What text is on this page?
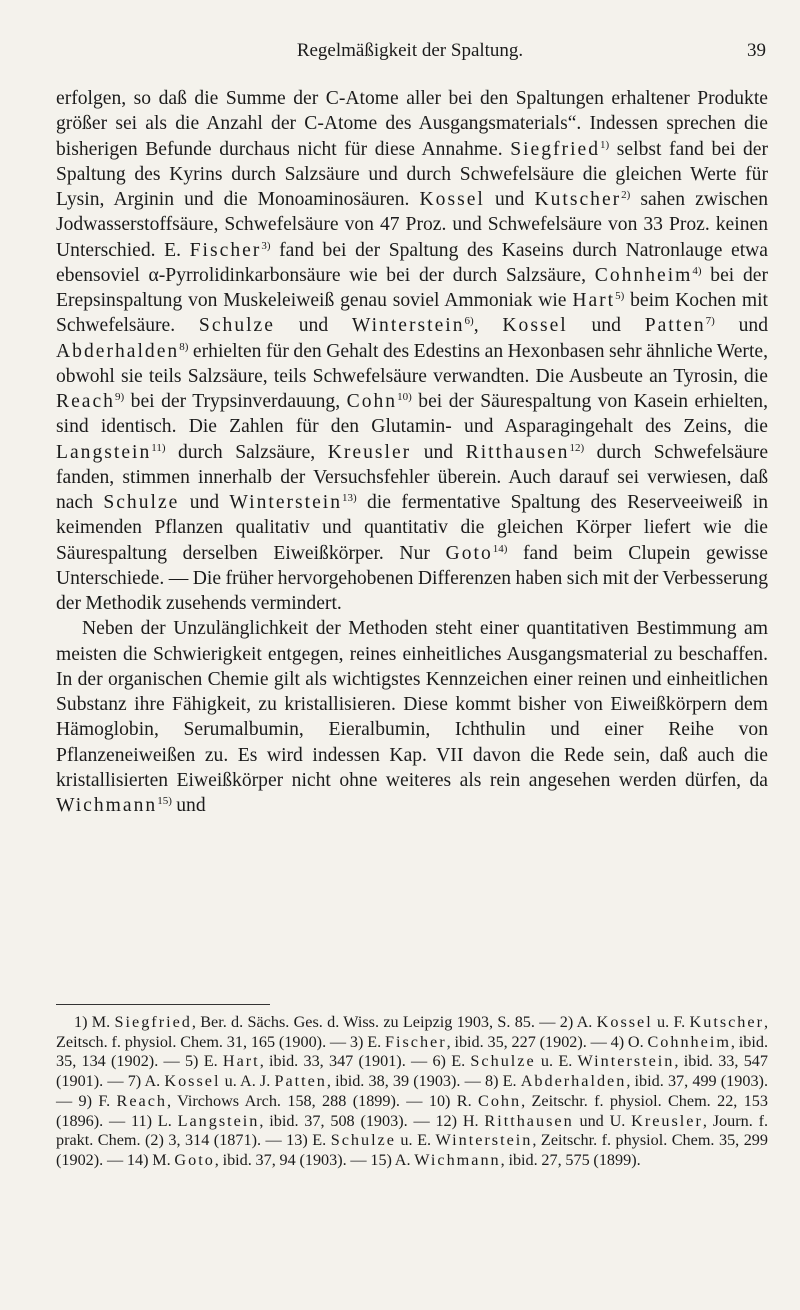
Regelmäßigkeit der Spaltung.	39

erfolgen, so daß die Summe der C-Atome aller bei den Spaltungen erhaltener Produkte größer sei als die Anzahl der C-Atome des Ausgangsmaterials“. Indessen sprechen die bisherigen Befunde durchaus nicht für diese Annahme. Siegfried$^{1)}$ selbst fand bei der Spaltung des Kyrins durch Salzsäure und durch Schwefelsäure die gleichen Werte für Lysin, Arginin und die Monoaminosäuren. Kossel und Kutscher$^{2)}$ sahen zwischen Jodwasserstoffsäure, Schwefelsäure von 47 Proz. und Schwefelsäure von 33 Proz. keinen Unterschied. E. Fischer$^{3)}$ fand bei der Spaltung des Kaseins durch Natronlauge etwa ebensoviel α-Pyrrolidinkarbonsäure wie bei der durch Salzsäure, Cohnheim$^{4)}$ bei der Erepsinspaltung von Muskeleiweiß genau soviel Ammoniak wie Hart$^{5)}$ beim Kochen mit Schwefelsäure. Schulze und Winterstein$^{6)}$, Kossel und Patten$^{7)}$ und Abderhalden$^{8)}$ erhielten für den Gehalt des Edestins an Hexonbasen sehr ähnliche Werte, obwohl sie teils Salzsäure, teils Schwefelsäure verwandten. Die Ausbeute an Tyrosin, die Reach$^{9)}$ bei der Trypsinverdauung, Cohn$^{10)}$ bei der Säurespaltung von Kasein erhielten, sind identisch. Die Zahlen für den Glutamin- und Asparagingehalt des Zeins, die Langstein$^{11)}$ durch Salzsäure, Kreusler und Ritthausen$^{12)}$ durch Schwefelsäure fanden, stimmen innerhalb der Versuchsfehler überein. Auch darauf sei verwiesen, daß nach Schulze und Winterstein$^{13)}$ die fermentative Spaltung des Reserveeiweiß in keimenden Pflanzen qualitativ und quantitativ die gleichen Körper liefert wie die Säurespaltung derselben Eiweißkörper. Nur Goto$^{14)}$ fand beim Clupein gewisse Unterschiede. — Die früher hervorgehobenen Differenzen haben sich mit der Verbesserung der Methodik zusehends vermindert.

Neben der Unzulänglichkeit der Methoden steht einer quantitativen Bestimmung am meisten die Schwierigkeit entgegen, reines einheitliches Ausgangsmaterial zu beschaffen. In der organischen Chemie gilt als wichtigstes Kennzeichen einer reinen und einheitlichen Substanz ihre Fähigkeit, zu kristallisieren. Diese kommt bisher von Eiweißkörpern dem Hämoglobin, Serumalbumin, Eieralbumin, Ichthulin und einer Reihe von Pflanzeneiweißen zu. Es wird indessen Kap. VII davon die Rede sein, daß auch die kristallisierten Eiweißkörper nicht ohne weiteres als rein angesehen werden dürfen, da Wichmann$^{15)}$ und

1) M. Siegfried, Ber. d. Sächs. Ges. d. Wiss. zu Leipzig 1903, S. 85. — 2) A. Kossel u. F. Kutscher, Zeitsch. f. physiol. Chem. 31, 165 (1900). — 3) E. Fischer, ibid. 35, 227 (1902). — 4) O. Cohnheim, ibid. 35, 134 (1902). — 5) E. Hart, ibid. 33, 347 (1901). — 6) E. Schulze u. E. Winterstein, ibid. 33, 547 (1901). — 7) A. Kossel u. A. J. Patten, ibid. 38, 39 (1903). — 8) E. Abderhalden, ibid. 37, 499 (1903). — 9) F. Reach, Virchows Arch. 158, 288 (1899). — 10) R. Cohn, Zeitschr. f. physiol. Chem. 22, 153 (1896). — 11) L. Langstein, ibid. 37, 508 (1903). — 12) H. Ritthausen und U. Kreusler, Journ. f. prakt. Chem. (2) 3, 314 (1871). — 13) E. Schulze u. E. Winterstein, Zeitschr. f. physiol. Chem. 35, 299 (1902). — 14) M. Goto, ibid. 37, 94 (1903). — 15) A. Wichmann, ibid. 27, 575 (1899).
